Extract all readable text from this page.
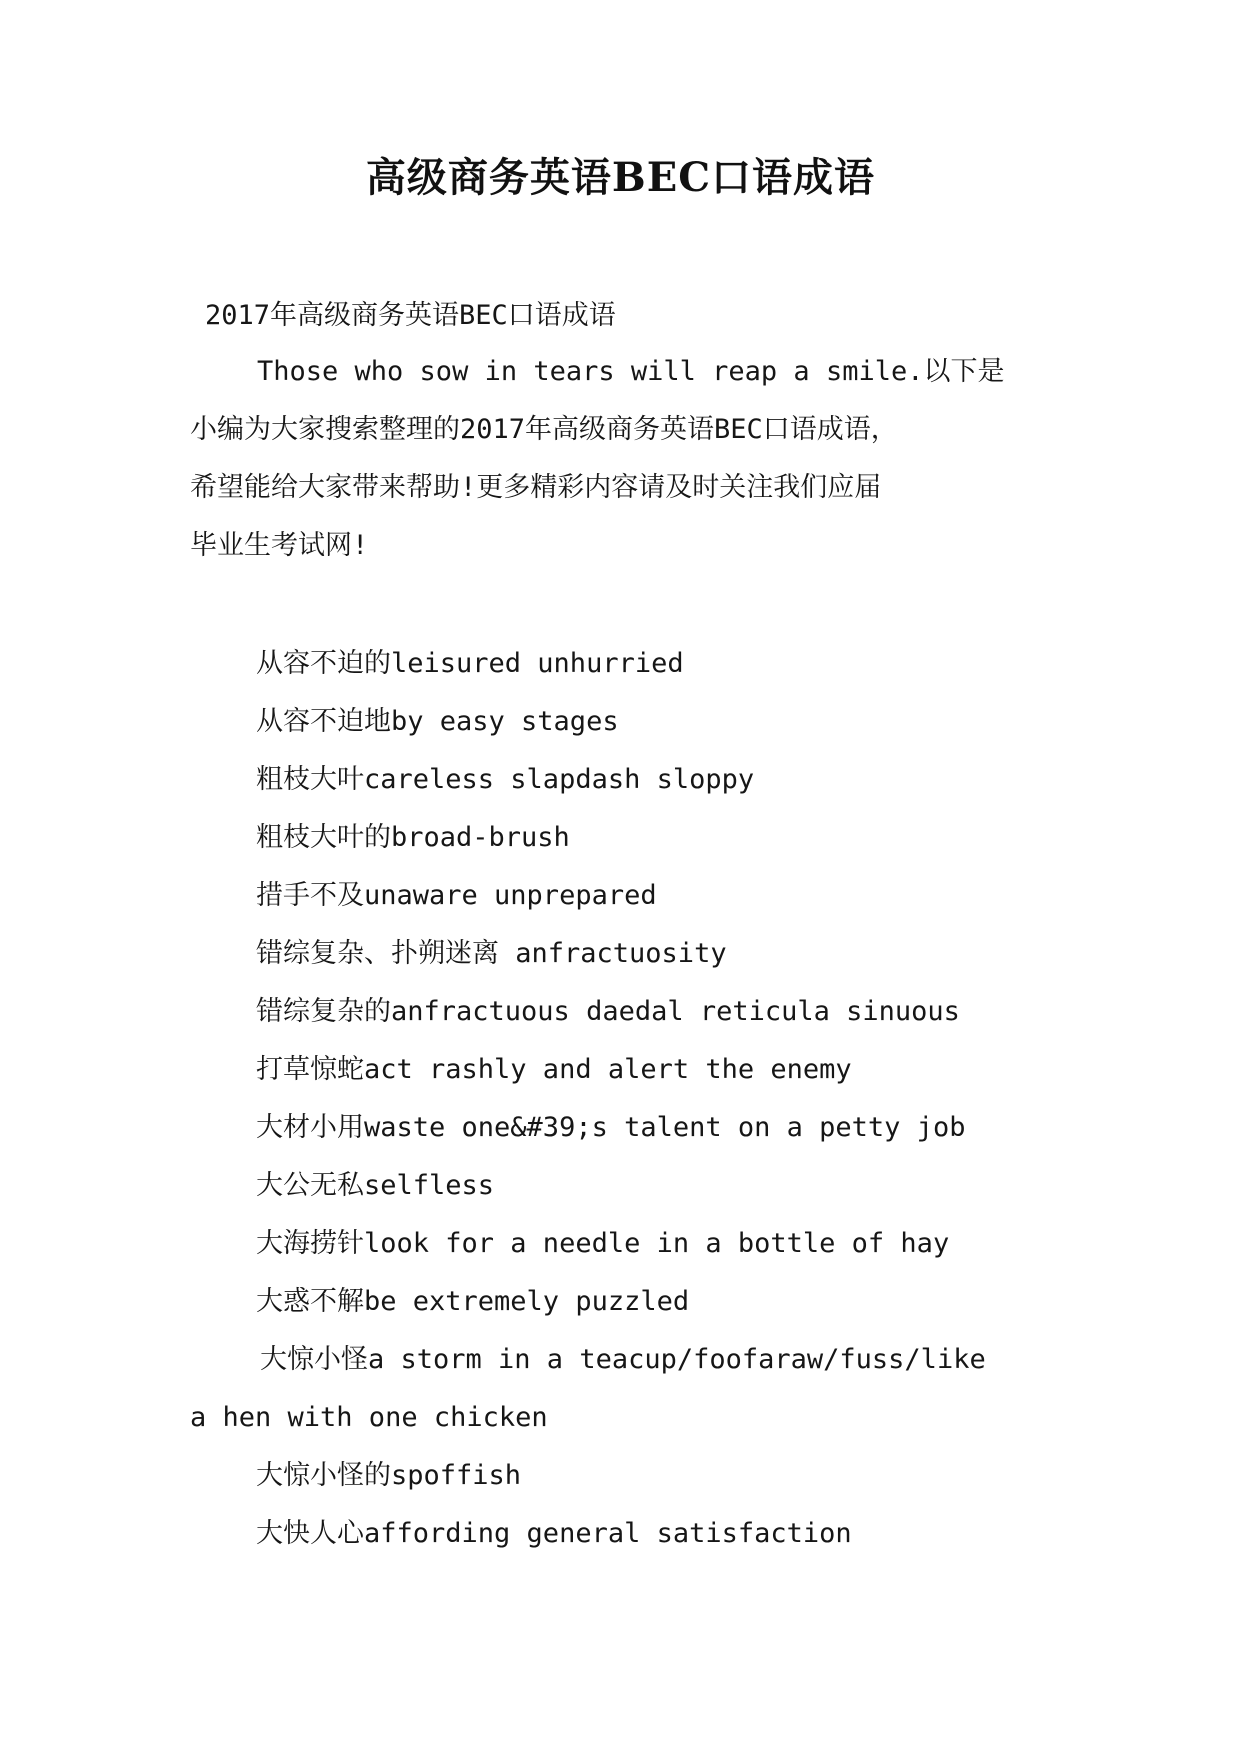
高级商务英语BEC口语成语
2017年高级商务英语BEC口语成语
Those who sow in tears will reap a smile.以下是
小编为大家搜索整理的2017年高级商务英语BEC口语成语，
希望能给大家带来帮助!更多精彩内容请及时关注我们应届
毕业生考试网!
从容不迫的leisured unhurried
从容不迫地by easy stages
粗枝大叶careless slapdash sloppy
粗枝大叶的broad-brush
措手不及unaware unprepared
错综复杂、扑朔迷离 anfractuosity
错综复杂的anfractuous daedal reticula sinuous
打草惊蛇act rashly and alert the enemy
大材小用waste one&#39;s talent on a petty job
大公无私selfless
大海捞针look for a needle in a bottle of hay
大惑不解be extremely puzzled
大惊小怪a storm in a teacup/foofaraw/fuss/like
a hen with one chicken
大惊小怪的spoffish
大快人心affording general satisfaction
